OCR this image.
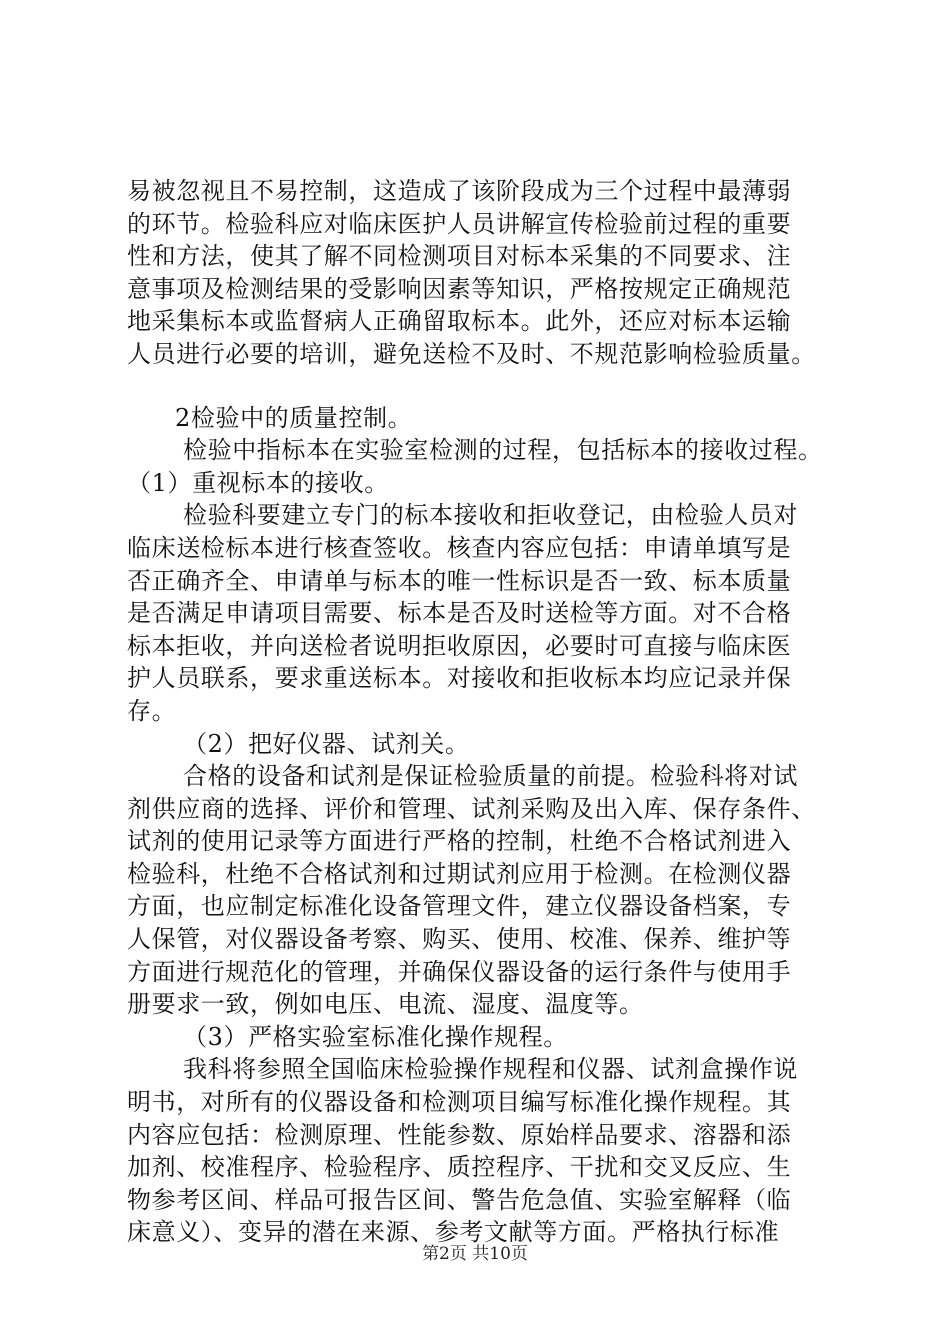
易被忽视且不易控制，这造成了该阶段成为三个过程中最薄弱
的环节。检验科应对临床医护人员讲解宣传检验前过程的重要
性和方法，使其了解不同检测项目对标本采集的不同要求、注
意事项及检测结果的受影响因素等知识，严格按规定正确规范
地采集标本或监督病人正确留取标本。此外，还应对标本运输
人员进行必要的培训，避免送检不及时、不规范影响检验质量。
2检验中的质量控制。
检验中指标本在实验室检测的过程，包括标本的接收过程。
（1）重视标本的接收。
检验科要建立专门的标本接收和拒收登记，由检验人员对
临床送检标本进行核查签收。核查内容应包括：申请单填写是
否正确齐全、申请单与标本的唯一性标识是否一致、标本质量
是否满足申请项目需要、标本是否及时送检等方面。对不合格
标本拒收，并向送检者说明拒收原因，必要时可直接与临床医
护人员联系，要求重送标本。对接收和拒收标本均应记录并保
存。
（2）把好仪器、试剂关。
合格的设备和试剂是保证检验质量的前提。检验科将对试
剂供应商的选择、评价和管理、试剂采购及出入库、保存条件、
试剂的使用记录等方面进行严格的控制，杜绝不合格试剂进入
检验科，杜绝不合格试剂和过期试剂应用于检测。在检测仪器
方面，也应制定标准化设备管理文件，建立仪器设备档案，专
人保管，对仪器设备考察、购买、使用、校准、保养、维护等
方面进行规范化的管理，并确保仪器设备的运行条件与使用手
册要求一致，例如电压、电流、湿度、温度等。
（3）严格实验室标准化操作规程。
我科将参照全国临床检验操作规程和仪器、试剂盒操作说
明书，对所有的仪器设备和检测项目编写标准化操作规程。其
内容应包括：检测原理、性能参数、原始样品要求、溶器和添
加剂、校准程序、检验程序、质控程序、干扰和交叉反应、生
物参考区间、样品可报告区间、警告危急值、实验室解释（临
床意义）、变异的潜在来源、参考文献等方面。严格执行标准
第2页 共10页
